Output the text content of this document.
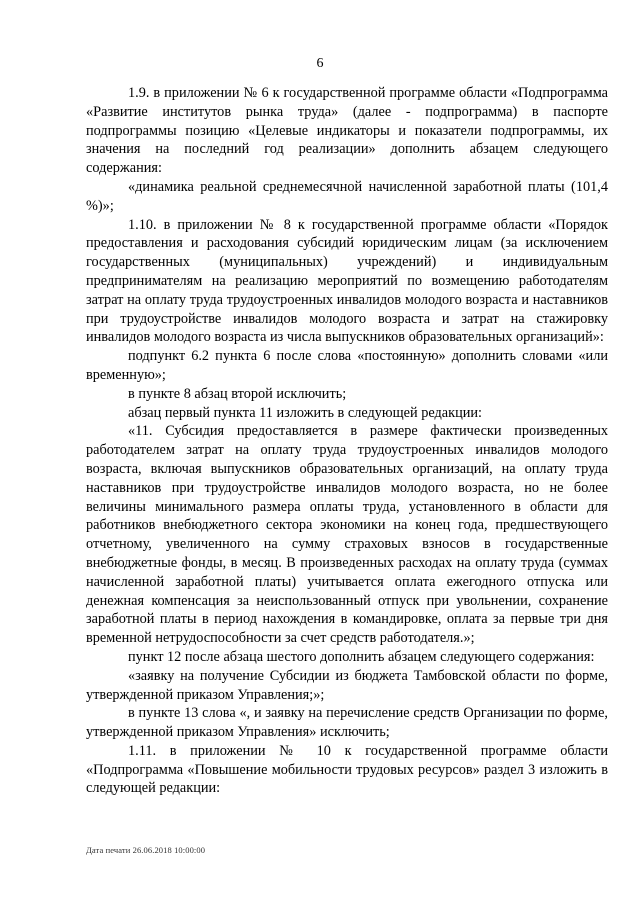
6

1.9. в приложении № 6 к государственной программе области «Подпрограмма «Развитие институтов рынка труда» (далее - подпрограмма) в паспорте подпрограммы позицию «Целевые индикаторы и показатели подпрограммы, их значения на последний год реализации» дополнить абзацем следующего содержания:

«динамика реальной среднемесячной начисленной заработной платы (101,4 %)»;

1.10. в приложении № 8 к государственной программе области «Порядок предоставления и расходования субсидий юридическим лицам (за исключением государственных (муниципальных) учреждений) и индивидуальным предпринимателям на реализацию мероприятий по возмещению работодателям затрат на оплату труда трудоустроенных инвалидов молодого возраста и наставников при трудоустройстве инвалидов молодого возраста и затрат на стажировку инвалидов молодого возраста из числа выпускников образовательных организаций»:

подпункт 6.2 пункта 6 после слова «постоянную» дополнить словами «или временную»;

в пункте 8 абзац второй исключить;

абзац первый пункта 11 изложить в следующей редакции:

«11. Субсидия предоставляется в размере фактически произведенных работодателем затрат на оплату труда трудоустроенных инвалидов молодого возраста, включая выпускников образовательных организаций, на оплату труда наставников при трудоустройстве инвалидов молодого возраста, но не более величины минимального размера оплаты труда, установленного в области для работников внебюджетного сектора экономики на конец года, предшествующего отчетному, увеличенного на сумму страховых взносов в государственные внебюджетные фонды, в месяц. В произведенных расходах на оплату труда (суммах начисленной заработной платы) учитывается оплата ежегодного отпуска или денежная компенсация за неиспользованный отпуск при увольнении, сохранение заработной платы в период нахождения в командировке, оплата за первые три дня временной нетрудоспособности за счет средств работодателя.»;

пункт 12 после абзаца шестого дополнить абзацем следующего содержания:

«заявку на получение Субсидии из бюджета Тамбовской области по форме, утвержденной приказом Управления;»;

в пункте 13 слова «, и заявку на перечисление средств Организации по форме, утвержденной приказом Управления» исключить;

1.11. в приложении № 10 к государственной программе области «Подпрограмма «Повышение мобильности трудовых ресурсов» раздел 3 изложить в следующей редакции:

Дата печати 26.06.2018 10:00:00
